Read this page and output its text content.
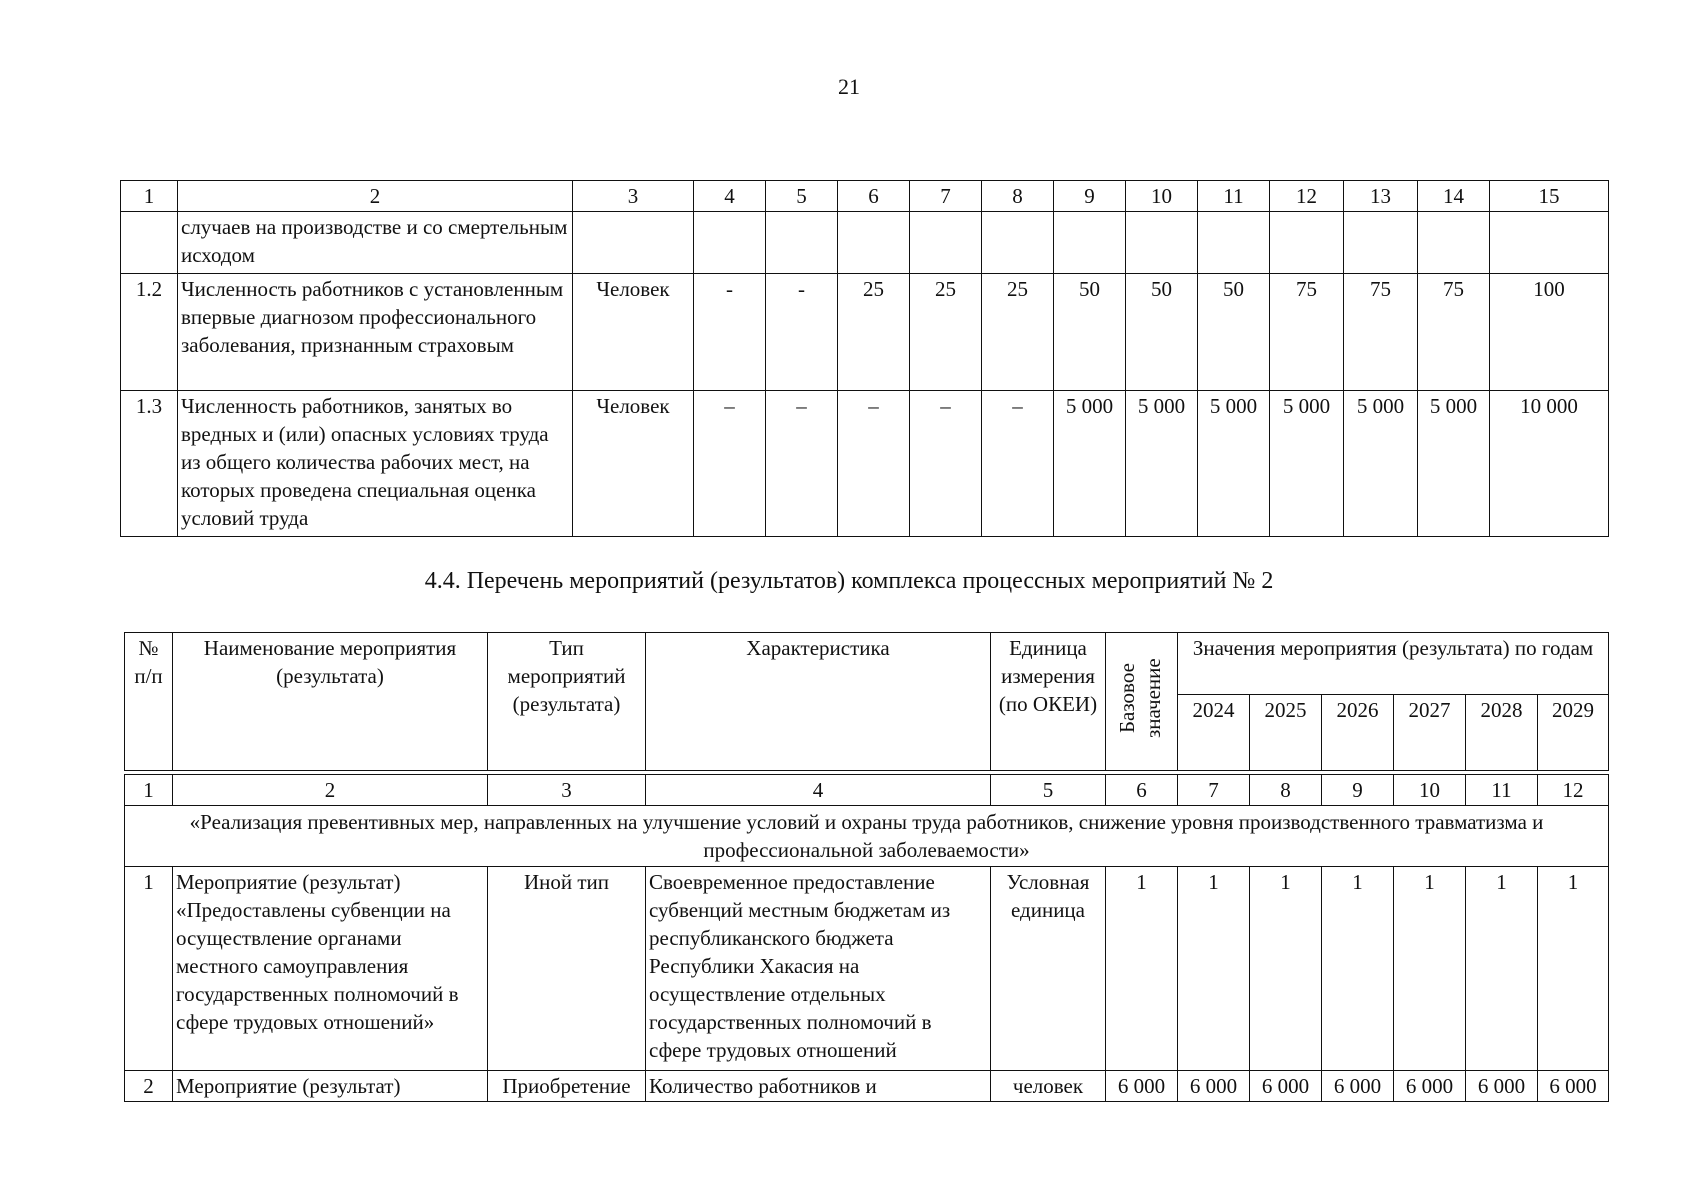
21
1	2	3	4	5	6	7	8	9	10	11	12	13	14	15
	случаев на производстве и со смертельным исходом													
1.2	Численность работников с установленным впервые диагнозом профессионального заболевания, признанным страховым	Человек	-	-	25	25	25	50	50	50	75	75	75	100
1.3	Численность работников, занятых во вредных и (или) опасных условиях труда из общего количества рабочих мест, на которых проведена специальная оценка условий труда	Человек	–	–	–	–	–	5 000	5 000	5 000	5 000	5 000	5 000	10 000
4.4. Перечень мероприятий (результатов) комплекса процессных мероприятий № 2
№ п/п	Наименование мероприятия (результата)	Тип мероприятий (результата)	Характеристика	Единица измерения (по ОКЕИ)	Базовое значение	Значения мероприятия (результата) по годам					
						2024	2025	2026	2027	2028	2029

1	2	3	4	5	6	7	8	9	10	11	12
«Реализация превентивных мер, направленных на улучшение условий и охраны труда работников, снижение уровня производственного травматизма и профессиональной заболеваемости»											
1	Мероприятие (результат) «Предоставлены субвенции на осуществление органами местного самоуправления государственных полномочий в сфере трудовых отношений»	Иной тип	Своевременное предоставление субвенций местным бюджетам из республиканского бюджета Республики Хакасия на осуществление отдельных государственных полномочий в сфере трудовых отношений	Условная единица	1	1	1	1	1	1	1
2	Мероприятие (результат)	Приобретение	Количество работников и	человек	6 000	6 000	6 000	6 000	6 000	6 000	6 000
